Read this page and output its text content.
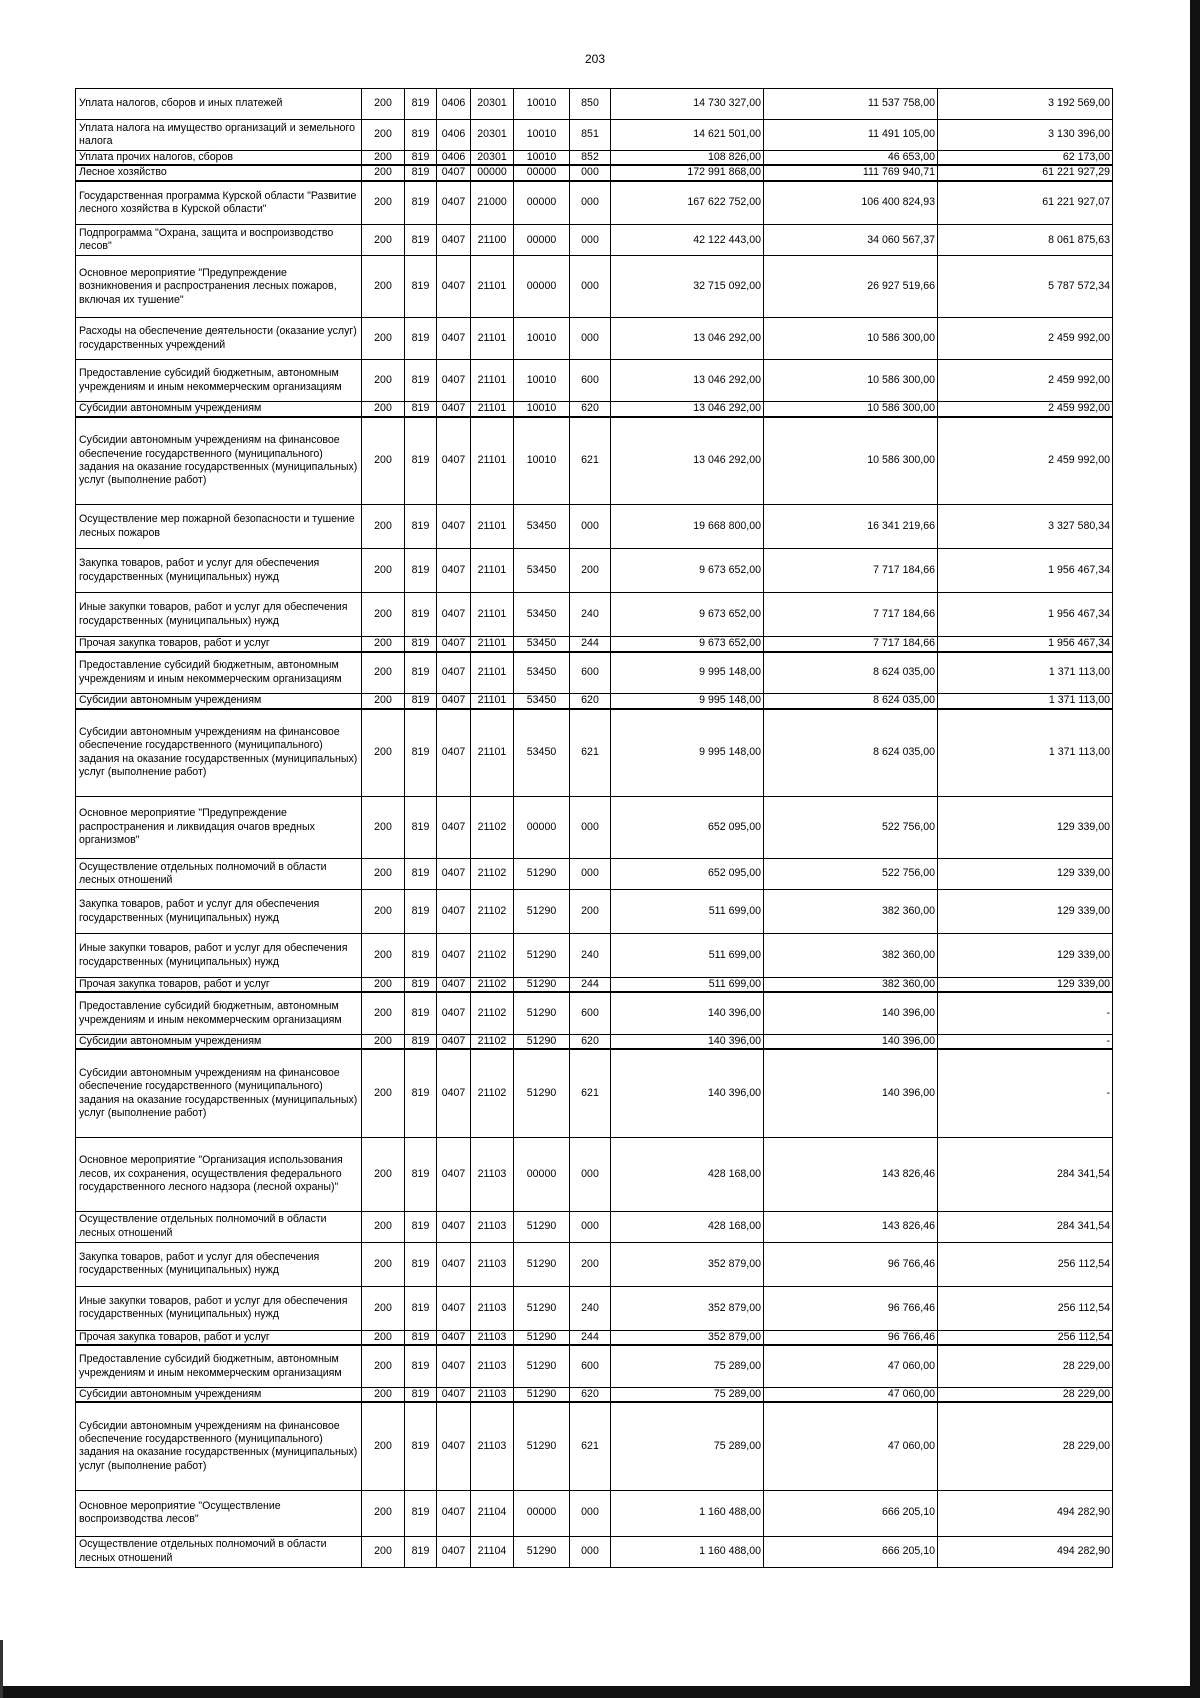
203
Уплата налогов, сборов и иных платежей	200	819	0406	20301	10010	850	14 730 327,00	11 537 758,00	3 192 569,00
Уплата налога на имущество организаций и земельного налога	200	819	0406	20301	10010	851	14 621 501,00	11 491 105,00	3 130 396,00
Уплата прочих налогов, сборов	200	819	0406	20301	10010	852	108 826,00	46 653,00	62 173,00
Лесное хозяйство	200	819	0407	00000	00000	000	172 991 868,00	111 769 940,71	61 221 927,29
Государственная программа Курской области "Развитие лесного хозяйства в Курской области"	200	819	0407	21000	00000	000	167 622 752,00	106 400 824,93	61 221 927,07
Подпрограмма "Охрана, защита и воспроизводство лесов"	200	819	0407	21100	00000	000	42 122 443,00	34 060 567,37	8 061 875,63
Основное мероприятие "Предупреждение возникновения и распространения лесных пожаров, включая их тушение"	200	819	0407	21101	00000	000	32 715 092,00	26 927 519,66	5 787 572,34
Расходы на обеспечение деятельности (оказание услуг) государственных учреждений	200	819	0407	21101	10010	000	13 046 292,00	10 586 300,00	2 459 992,00
Предоставление субсидий бюджетным, автономным учреждениям и иным некоммерческим организациям	200	819	0407	21101	10010	600	13 046 292,00	10 586 300,00	2 459 992,00
Субсидии автономным учреждениям	200	819	0407	21101	10010	620	13 046 292,00	10 586 300,00	2 459 992,00
Субсидии автономным учреждениям на финансовое обеспечение государственного (муниципального) задания на оказание государственных (муниципальных) услуг (выполнение работ)	200	819	0407	21101	10010	621	13 046 292,00	10 586 300,00	2 459 992,00
Осуществление мер пожарной безопасности и тушение лесных пожаров	200	819	0407	21101	53450	000	19 668 800,00	16 341 219,66	3 327 580,34
Закупка товаров, работ и услуг для обеспечения государственных (муниципальных) нужд	200	819	0407	21101	53450	200	9 673 652,00	7 717 184,66	1 956 467,34
Иные закупки товаров, работ и услуг для обеспечения государственных (муниципальных) нужд	200	819	0407	21101	53450	240	9 673 652,00	7 717 184,66	1 956 467,34
Прочая закупка товаров, работ и услуг	200	819	0407	21101	53450	244	9 673 652,00	7 717 184,66	1 956 467,34
Предоставление субсидий бюджетным, автономным учреждениям и иным некоммерческим организациям	200	819	0407	21101	53450	600	9 995 148,00	8 624 035,00	1 371 113,00
Субсидии автономным учреждениям	200	819	0407	21101	53450	620	9 995 148,00	8 624 035,00	1 371 113,00
Субсидии автономным учреждениям на финансовое обеспечение государственного (муниципального) задания на оказание государственных (муниципальных) услуг (выполнение работ)	200	819	0407	21101	53450	621	9 995 148,00	8 624 035,00	1 371 113,00
Основное мероприятие "Предупреждение распространения и ликвидация очагов вредных организмов"	200	819	0407	21102	00000	000	652 095,00	522 756,00	129 339,00
Осуществление отдельных полномочий в области лесных отношений	200	819	0407	21102	51290	000	652 095,00	522 756,00	129 339,00
Закупка товаров, работ и услуг для обеспечения государственных (муниципальных) нужд	200	819	0407	21102	51290	200	511 699,00	382 360,00	129 339,00
Иные закупки товаров, работ и услуг для обеспечения государственных (муниципальных) нужд	200	819	0407	21102	51290	240	511 699,00	382 360,00	129 339,00
Прочая закупка товаров, работ и услуг	200	819	0407	21102	51290	244	511 699,00	382 360,00	129 339,00
Предоставление субсидий бюджетным, автономным учреждениям и иным некоммерческим организациям	200	819	0407	21102	51290	600	140 396,00	140 396,00	-
Субсидии автономным учреждениям	200	819	0407	21102	51290	620	140 396,00	140 396,00	-
Субсидии автономным учреждениям на финансовое обеспечение государственного (муниципального) задания на оказание государственных (муниципальных) услуг (выполнение работ)	200	819	0407	21102	51290	621	140 396,00	140 396,00	-
Основное мероприятие "Организация использования лесов, их сохранения, осуществления федерального государственного лесного надзора (лесной охраны)"	200	819	0407	21103	00000	000	428 168,00	143 826,46	284 341,54
Осуществление отдельных полномочий в области лесных отношений	200	819	0407	21103	51290	000	428 168,00	143 826,46	284 341,54
Закупка товаров, работ и услуг для обеспечения государственных (муниципальных) нужд	200	819	0407	21103	51290	200	352 879,00	96 766,46	256 112,54
Иные закупки товаров, работ и услуг для обеспечения государственных (муниципальных) нужд	200	819	0407	21103	51290	240	352 879,00	96 766,46	256 112,54
Прочая закупка товаров, работ и услуг	200	819	0407	21103	51290	244	352 879,00	96 766,46	256 112,54
Предоставление субсидий бюджетным, автономным учреждениям и иным некоммерческим организациям	200	819	0407	21103	51290	600	75 289,00	47 060,00	28 229,00
Субсидии автономным учреждениям	200	819	0407	21103	51290	620	75 289,00	47 060,00	28 229,00
Субсидии автономным учреждениям на финансовое обеспечение государственного (муниципального) задания на оказание государственных (муниципальных) услуг (выполнение работ)	200	819	0407	21103	51290	621	75 289,00	47 060,00	28 229,00
Основное мероприятие "Осуществление воспроизводства лесов"	200	819	0407	21104	00000	000	1 160 488,00	666 205,10	494 282,90
Осуществление отдельных полномочий в области лесных отношений	200	819	0407	21104	51290	000	1 160 488,00	666 205,10	494 282,90
